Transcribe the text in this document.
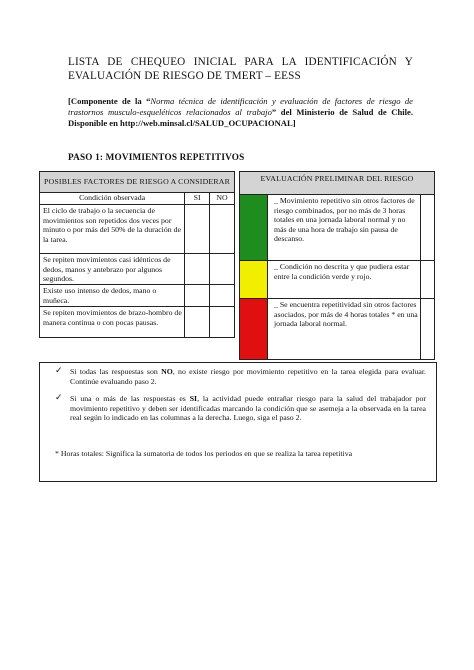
LISTA DE CHEQUEO INICIAL PARA LA IDENTIFICACIÓN Y EVALUACIÓN DE RIESGO DE TMERT – EESS
[Componente de la “Norma técnica de identificación y evaluación de factores de riesgo de trastornos musculo-esqueléticos relacionados al trabajo” del Ministerio de Salud de Chile. Disponible en http://web.minsal.cl/SALUD_OCUPACIONAL]
PASO 1: MOVIMIENTOS REPETITIVOS
POSIBLES FACTORES DE RIESGO A CONSIDERAR		
Condición observada	SI	NO
El ciclo de trabajo o la secuencia de movimientos son repetidos dos veces por minuto o por más del 50% de la duración de la tarea.		
Se repiten movimientos casi idénticos de dedos, manos y antebrazo por algunos segundos.		
Existe uso intenso de dedos, mano o muñeca.		
Se repiten movimientos de brazo-hombro de manera continua o con pocas pausas.		
EVALUACIÓN PRELIMINAR DEL RIESGO		
	_ Movimiento repetitivo sin otros factores de riesgo combinados, por no más de 3 horas totales en una jornada laboral normal y no más de una hora de trabajo sin pausa de descanso.	
	_ Condición no descrita y que pudiera estar entre la condición verde y rojo.	
	_ Se encuentra repetitividad sin otros factores asociados, por más de 4 horas totales * en una jornada laboral normal.	
✓ Si todas las respuestas son NO, no existe riesgo por movimiento repetitivo en la tarea elegida para evaluar. Continúe evaluando paso 2.

✓ Si una o más de las respuestas es SI, la actividad puede entrañar riesgo para la salud del trabajador por movimiento repetitivo y deben ser identificadas marcando la condición que se asemeja a la observada en la tarea real según lo indicado en las columnas a la derecha. Luego, siga el paso 2.

* Horas totales: Significa la sumatoria de todos los periodos en que se realiza la tarea repetitiva
